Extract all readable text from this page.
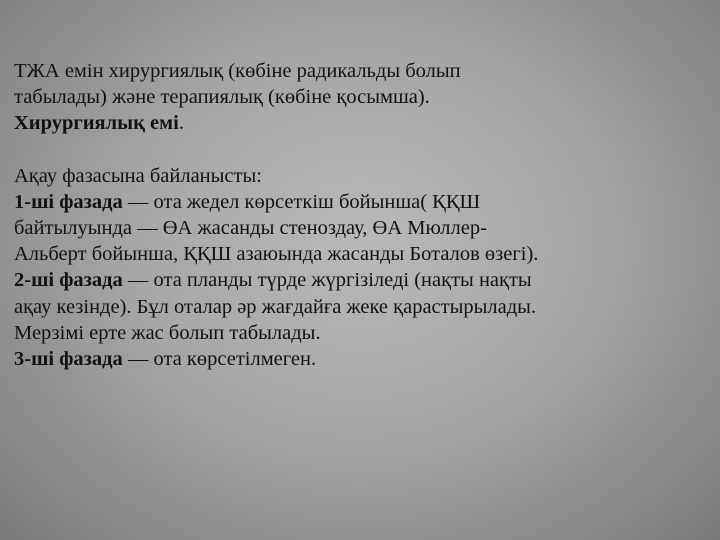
ТЖА емін хирургиялық (көбіне радикальды болып
табылады) және терапиялық (көбіне қосымша).
Хирургиялық емі.
Ақау фазасына байланысты:
1-ші фазада — ота жедел көрсеткіш бойынша( ҚҚШ
байтылуында — ӨА жасанды стеноздау, ӨА Мюллер-
Альберт бойынша, ҚҚШ азаюында жасанды Боталов өзегі).
2-ші фазада — ота планды түрде жүргізіледі (нақты нақты
ақау кезінде). Бұл оталар әр жағдайға жеке қарастырылады.
Мерзімі ерте жас болып табылады.
3-ші фазада — ота көрсетілмеген.
